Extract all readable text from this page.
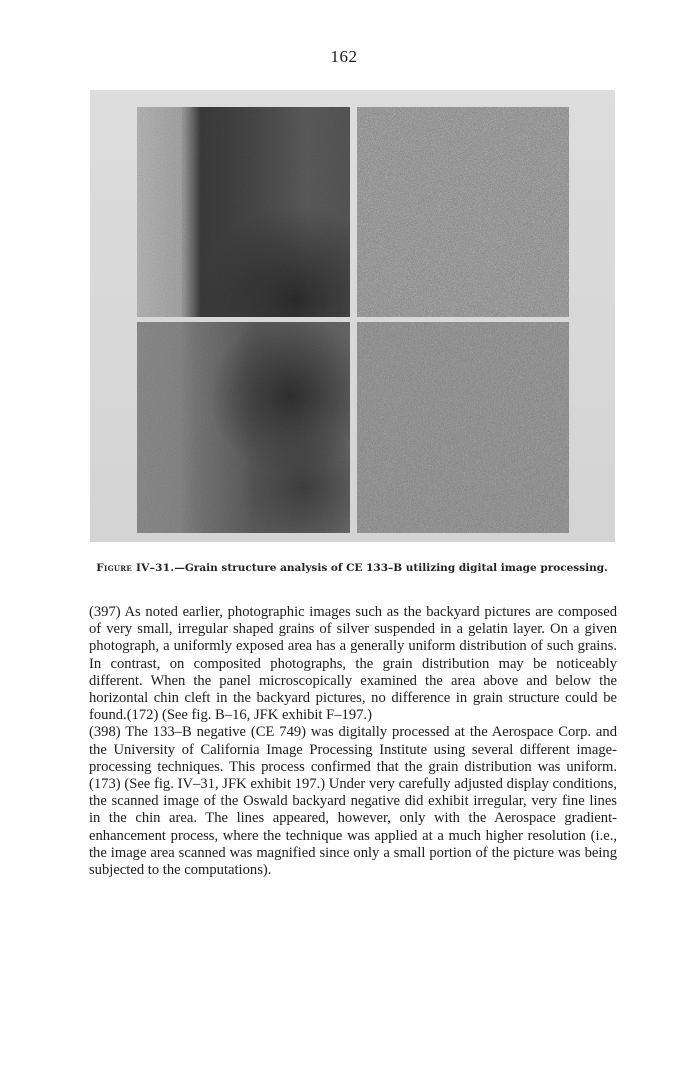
162
Figure IV–31.—Grain structure analysis of CE 133–B utilizing digital image processing.

(397) As noted earlier, photographic images such as the backyard pictures are composed of very small, irregular shaped grains of silver suspended in a gelatin layer. On a given photograph, a uniformly exposed area has a generally uniform distribution of such grains. In contrast, on composited photographs, the grain distribution may be noticeably different. When the panel microscopically examined the area above and below the horizontal chin cleft in the backyard pictures, no difference in grain structure could be found.(172) (See fig. B–16, JFK exhibit F–197.)

(398) The 133–B negative (CE 749) was digitally processed at the Aerospace Corp. and the University of California Image Processing Institute using several different image-processing techniques. This process confirmed that the grain distribution was uniform. (173) (See fig. IV–31, JFK exhibit 197.) Under very carefully adjusted display conditions, the scanned image of the Oswald backyard negative did exhibit irregular, very fine lines in the chin area. The lines appeared, however, only with the Aerospace gradient-enhancement process, where the technique was applied at a much higher resolution (i.e., the image area scanned was magnified since only a small portion of the picture was being subjected to the computations).
